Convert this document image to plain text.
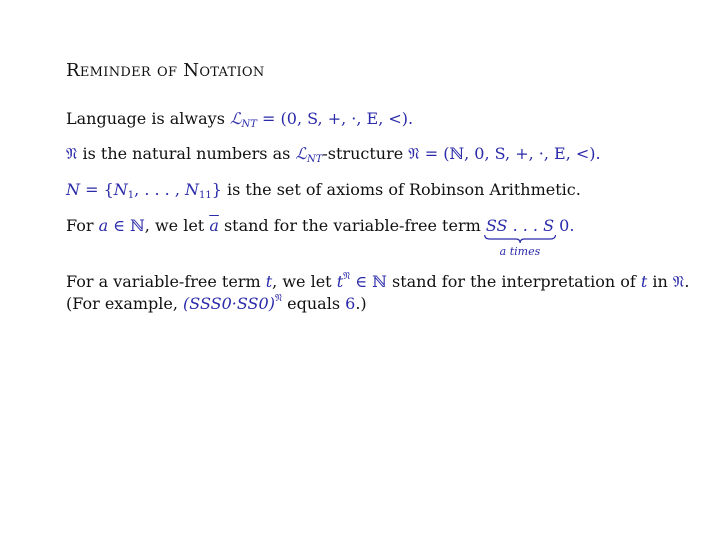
Reminder of Notation
Language is always ℒ$_{NT}$ = (0, S, +, ·, E, <).
𝔑 is the natural numbers as ℒ$_{NT}$-structure 𝔑 = (ℕ, 0, S, +, ·, E, <).
$N = \{N_1$, . . . , $N_{11}$} is the set of axioms of Robinson Arithmetic.
For a ∈ ℕ, we let $\overline{a}$ stand for the variable-free term SS . . . S
a times
0.
For a variable-free term t, we let $t^𝔑$ ∈ ℕ stand for the interpretation of t in 𝔑.
(For example, $(SSS0\cdot SS0)^𝔑$ equals 6.)
